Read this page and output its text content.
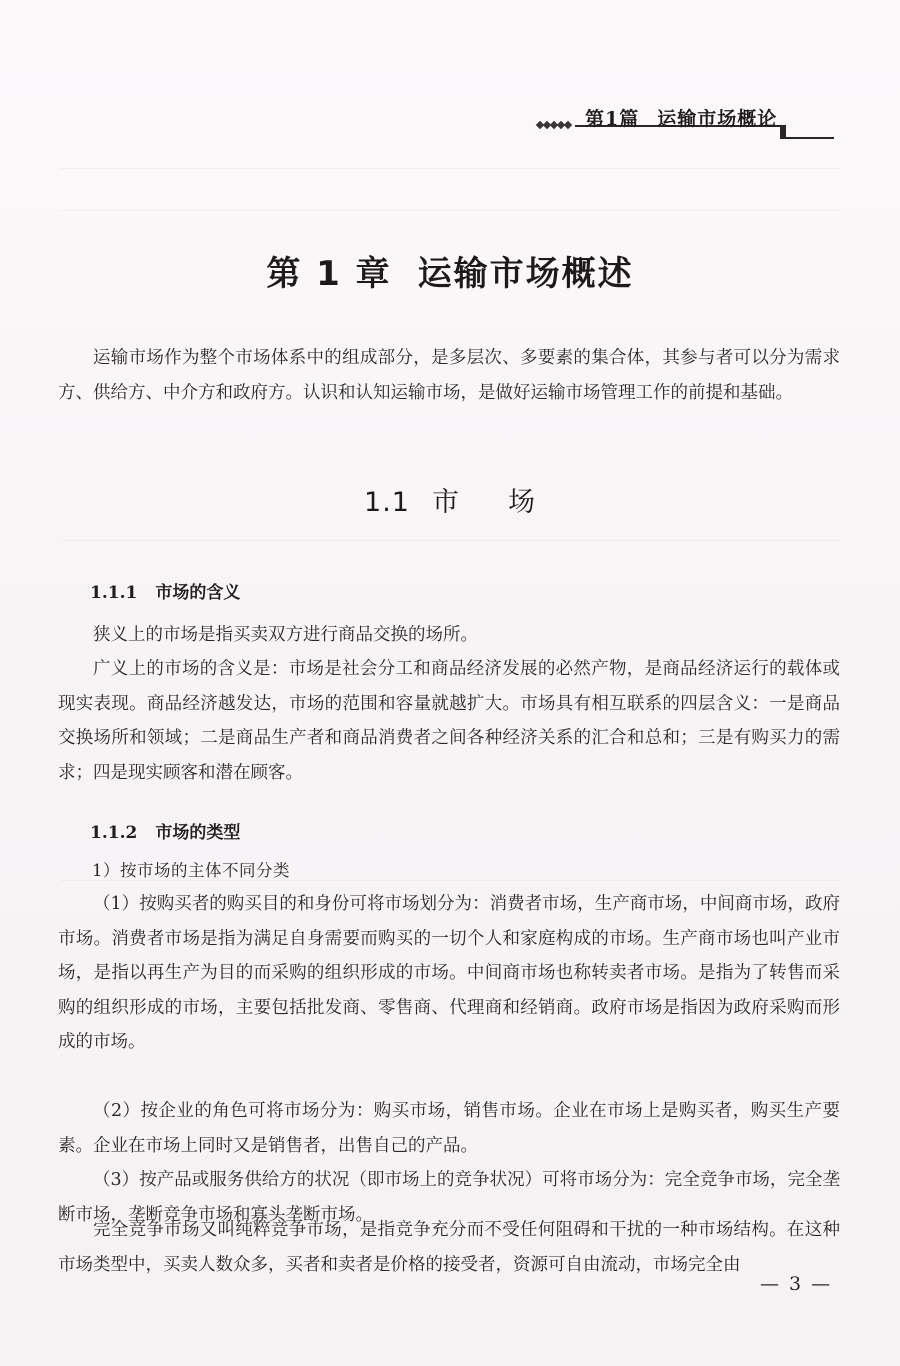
第1篇 运输市场概论
第 1 章 运输市场概述
运输市场作为整个市场体系中的组成部分，是多层次、多要素的集合体，其参与者可以分为需求方、供给方、中介方和政府方。认识和认知运输市场，是做好运输市场管理工作的前提和基础。
1.1 市 场
1.1.1 市场的含义
狭义上的市场是指买卖双方进行商品交换的场所。
广义上的市场的含义是：市场是社会分工和商品经济发展的必然产物，是商品经济运行的载体或现实表现。商品经济越发达，市场的范围和容量就越扩大。市场具有相互联系的四层含义：一是商品交换场所和领域；二是商品生产者和商品消费者之间各种经济关系的汇合和总和；三是有购买力的需求；四是现实顾客和潜在顾客。
1.1.2 市场的类型
1）按市场的主体不同分类
（1）按购买者的购买目的和身份可将市场划分为：消费者市场，生产商市场，中间商市场，政府市场。消费者市场是指为满足自身需要而购买的一切个人和家庭构成的市场。生产商市场也叫产业市场，是指以再生产为目的而采购的组织形成的市场。中间商市场也称转卖者市场。是指为了转售而采购的组织形成的市场，主要包括批发商、零售商、代理商和经销商。政府市场是指因为政府采购而形成的市场。
（2）按企业的角色可将市场分为：购买市场，销售市场。企业在市场上是购买者，购买生产要素。企业在市场上同时又是销售者，出售自己的产品。
（3）按产品或服务供给方的状况（即市场上的竞争状况）可将市场分为：完全竞争市场，完全垄断市场，垄断竞争市场和寡头垄断市场。
完全竞争市场又叫纯粹竞争市场，是指竞争充分而不受任何阻碍和干扰的一种市场结构。在这种市场类型中，买卖人数众多，买者和卖者是价格的接受者，资源可自由流动，市场完全由
— 3 —
